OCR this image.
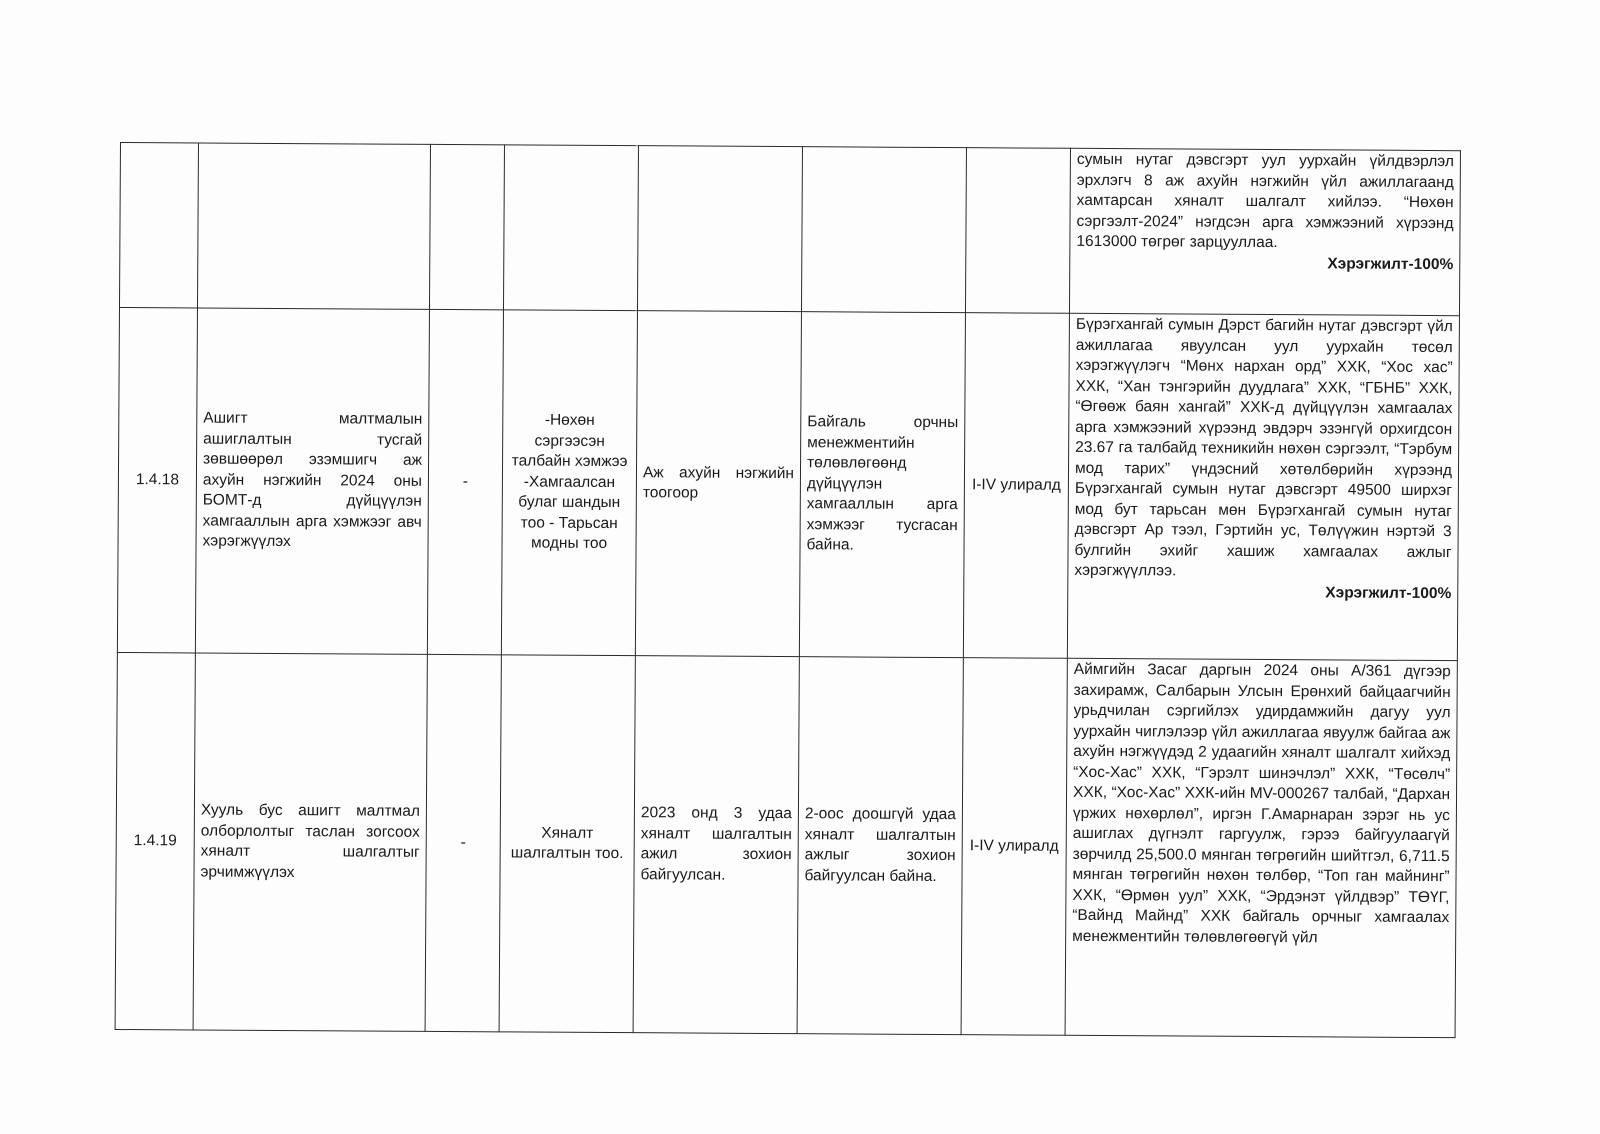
							сумын нутаг дэвсгэрт уул уурхайн үйлдвэрлэл эрхлэгч 8 аж ахуйн нэгжийн үйл ажиллагаанд хамтарсан хяналт шалгалт хийлээ. “Нөхөн сэргээлт-2024” нэгдсэн арга хэмжээний хүрээнд 1613000 төгрөг зарцууллаа.
Хэрэгжилт-100%

1.4.18	Ашигт малтмалын ашиглалтын тусгай зөвшөөрөл эзэмшигч аж ахуйн нэгжийн 2024 оны БОМТ-д дүйцүүлэн хамгааллын арга хэмжээг авч хэрэгжүүлэх	-	-Нөхөн сэргээсэн талбайн хэмжээ -Хамгаалсан булаг шандын тоо - Тарьсан модны тоо	Аж ахуйн нэгжийн тоогоор	Байгаль орчны менежментийн төлөвлөгөөнд дүйцүүлэн хамгааллын арга хэмжээг тусгасан байна.	I-IV улиралд	Бүрэгхангай сумын Дэрст багийн нутаг дэвсгэрт үйл ажиллагаа явуулсан уул уурхайн төсөл хэрэгжүүлэгч “Мөнх нархан орд” ХХК, “Хос хас” ХХК, “Хан тэнгэрийн дуудлага” ХХК, “ГБНБ” ХХК, “Өгөөж баян хангай” ХХК-д дүйцүүлэн хамгаалах арга хэмжээний хүрээнд эвдэрч эзэнгүй орхигдсон 23.67 га талбайд техникийн нөхөн сэргээлт, “Тэрбум мод тарих” үндэсний хөтөлбөрийн хүрээнд Бүрэгхангай сумын нутаг дэвсгэрт 49500 ширхэг мод бут тарьсан мөн Бүрэгхангай сумын нутаг дэвсгэрт Ар тээл, Гэртийн ус, Төлүүжин нэртэй 3 булгийн эхийг хашиж хамгаалах ажлыг хэрэгжүүллээ.
Хэрэгжилт-100%

1.4.19	Хууль бус ашигт малтмал олборлолтыг таслан зогсоох хяналт шалгалтыг эрчимжүүлэх	-	Хяналт шалгалтын тоо.	2023 онд 3 удаа хяналт шалгалтын ажил зохион байгуулсан.	2-оос доошгүй удаа хяналт шалгалтын ажлыг зохион байгуулсан байна.	I-IV улиралд	Аймгийн Засаг даргын 2024 оны А/361 дүгээр захирамж, Салбарын Улсын Ерөнхий байцаагчийн урьдчилан сэргийлэх удирдамжийн дагуу уул уурхайн чиглэлээр үйл ажиллагаа явуулж байгаа аж ахуйн нэгжүүдэд 2 удаагийн хяналт шалгалт хийхэд “Хос-Хас” ХХК, “Гэрэлт шинэчлэл” ХХК, “Төсөлч” ХХК, “Хос-Хас” ХХК-ийн MV-000267 талбай, “Дархан үржих нөхөрлөл”, иргэн Г.Амарнаран зэрэг нь ус ашиглах дүгнэлт гаргуулж, гэрээ байгуулаагүй зөрчилд 25,500.0 мянган төгрөгийн шийтгэл, 6,711.5 мянган төгрөгийн нөхөн төлбөр, “Топ ган майнинг” ХХК, “Өрмөн уул” ХХК, “Эрдэнэт үйлдвэр” ТӨҮГ, “Вайнд Майнд” ХХК байгаль орчныг хамгаалах менежментийн төлөвлөгөөгүй үйл
